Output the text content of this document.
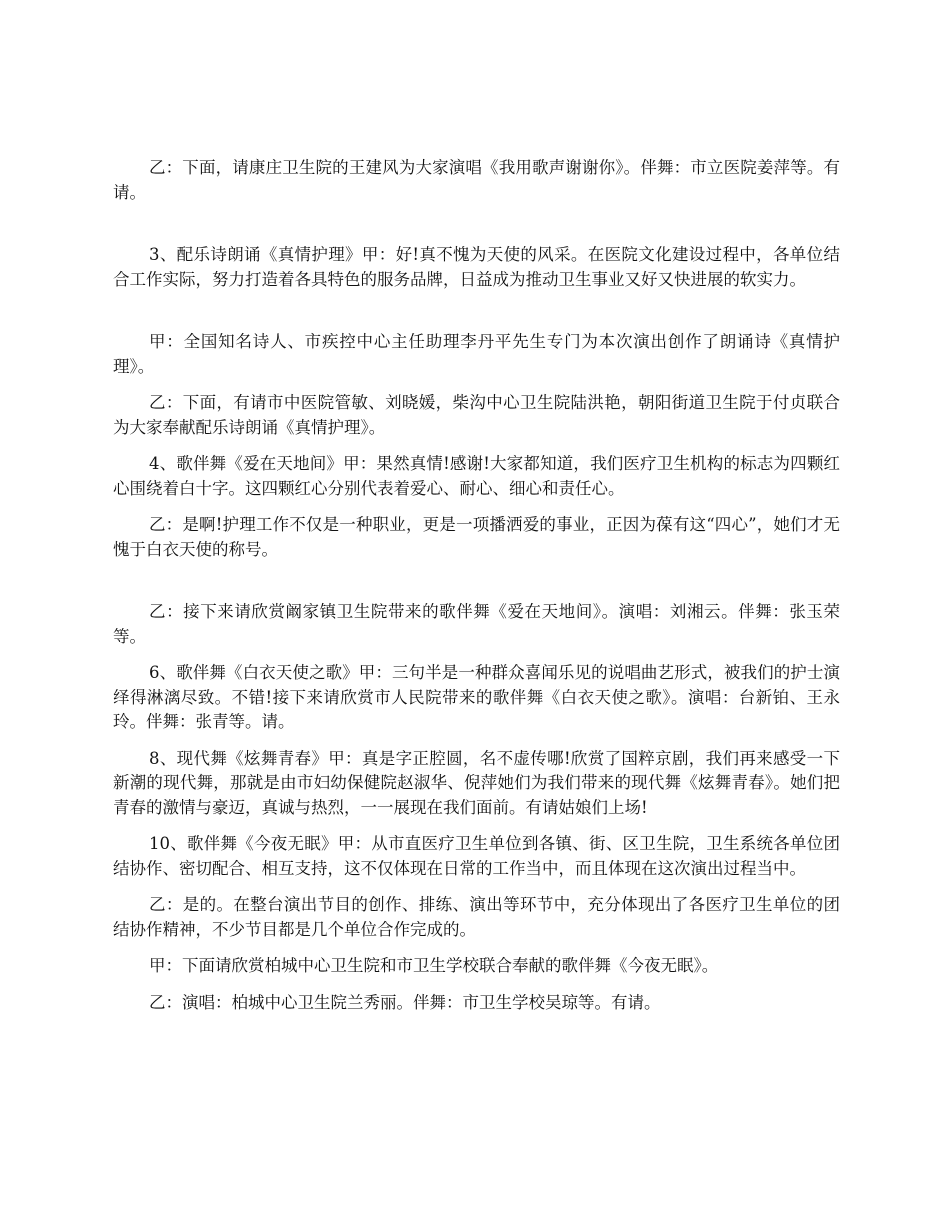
乙：下面，请康庄卫生院的王建风为大家演唱《我用歌声谢谢你》。伴舞：市立医院姜萍等。有请。

3、配乐诗朗诵《真情护理》甲：好!真不愧为天使的风采。在医院文化建设过程中，各单位结合工作实际，努力打造着各具特色的服务品牌，日益成为推动卫生事业又好又快进展的软实力。

甲：全国知名诗人、市疾控中心主任助理李丹平先生专门为本次演出创作了朗诵诗《真情护理》。

乙：下面，有请市中医院管敏、刘晓媛，柴沟中心卫生院陆洪艳，朝阳街道卫生院于付贞联合为大家奉献配乐诗朗诵《真情护理》。

4、歌伴舞《爱在天地间》甲：果然真情!感谢!大家都知道，我们医疗卫生机构的标志为四颗红心围绕着白十字。这四颗红心分别代表着爱心、耐心、细心和责任心。

乙：是啊!护理工作不仅是一种职业，更是一项播洒爱的事业，正因为葆有这“四心”，她们才无愧于白衣天使的称号。

乙：接下来请欣赏阚家镇卫生院带来的歌伴舞《爱在天地间》。演唱：刘湘云。伴舞：张玉荣等。

6、歌伴舞《白衣天使之歌》甲：三句半是一种群众喜闻乐见的说唱曲艺形式，被我们的护士演绎得淋漓尽致。不错!接下来请欣赏市人民院带来的歌伴舞《白衣天使之歌》。演唱：台新铂、王永玲。伴舞：张青等。请。

8、现代舞《炫舞青春》甲：真是字正腔圆，名不虚传哪!欣赏了国粹京剧，我们再来感受一下新潮的现代舞，那就是由市妇幼保健院赵淑华、倪萍她们为我们带来的现代舞《炫舞青春》。她们把青春的激情与豪迈，真诚与热烈，一一展现在我们面前。有请姑娘们上场!

10、歌伴舞《今夜无眠》甲：从市直医疗卫生单位到各镇、街、区卫生院，卫生系统各单位团结协作、密切配合、相互支持，这不仅体现在日常的工作当中，而且体现在这次演出过程当中。

乙：是的。在整台演出节目的创作、排练、演出等环节中，充分体现出了各医疗卫生单位的团结协作精神，不少节目都是几个单位合作完成的。

甲：下面请欣赏柏城中心卫生院和市卫生学校联合奉献的歌伴舞《今夜无眠》。

乙：演唱：柏城中心卫生院兰秀丽。伴舞：市卫生学校吴琼等。有请。
